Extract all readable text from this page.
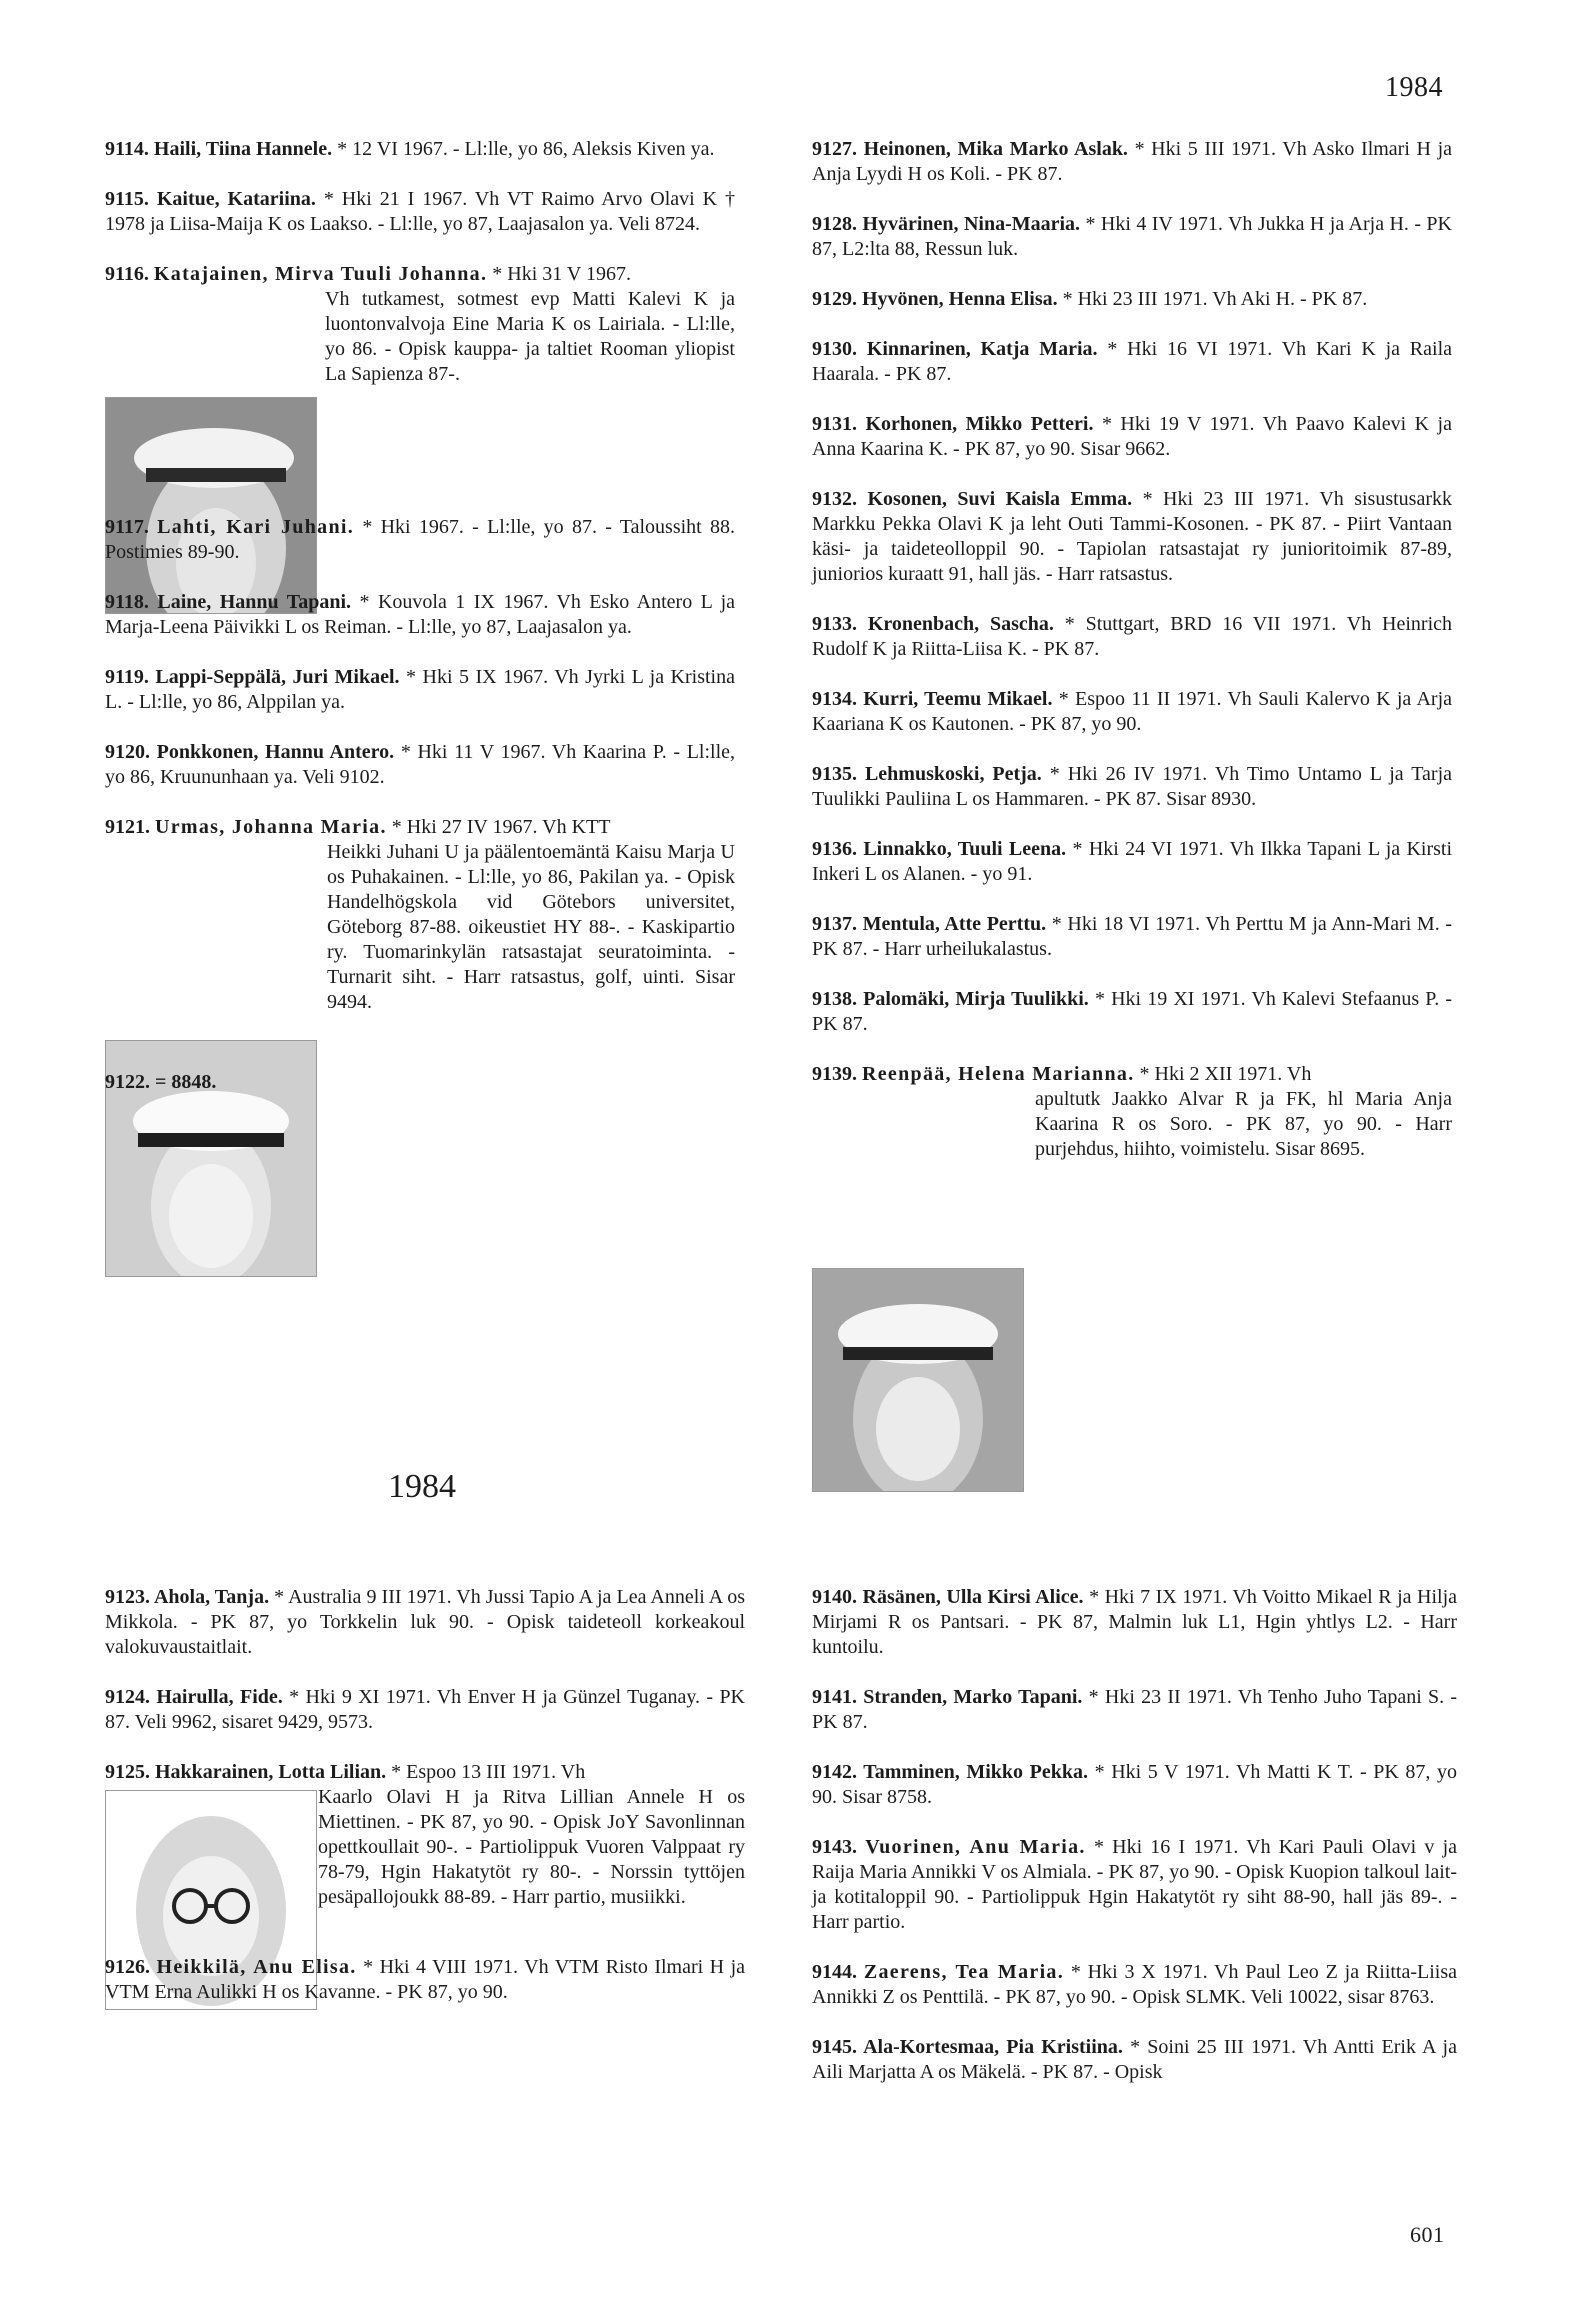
1984
1984
601

9114. Haili, Tiina Hannele. * 12 VI 1967. - Ll:lle, yo 86, Aleksis Kiven ya.

9115. Kaitue, Katariina. * Hki 21 I 1967. Vh VT Raimo Arvo Olavi K † 1978 ja Liisa-Maija K os Laakso. - Ll:lle, yo 87, Laajasalon ya. Veli 8724.

9116. Katajainen, Mirva Tuuli Johanna. * Hki 31 V 1967.

Vh tutkamest, sotmest evp Matti Kalevi K ja luontonvalvoja Eine Maria K os Lairiala. - Ll:lle, yo 86. - Opisk kauppa- ja taltiet Rooman yliopist La Sapienza 87-.

9117. Lahti, Kari Juhani. * Hki 1967. - Ll:lle, yo 87. - Taloussiht 88. Postimies 89-90.

9118. Laine, Hannu Tapani. * Kouvola 1 IX 1967. Vh Esko Antero L ja Marja-Leena Päivikki L os Reiman. - Ll:lle, yo 87, Laajasalon ya.

9119. Lappi-Seppälä, Juri Mikael. * Hki 5 IX 1967. Vh Jyrki L ja Kristina L. - Ll:lle, yo 86, Alppilan ya.

9120. Ponkkonen, Hannu Antero. * Hki 11 V 1967. Vh Kaarina P. - Ll:lle, yo 86, Kruununhaan ya. Veli 9102.

9121. Urmas, Johanna Maria. * Hki 27 IV 1967. Vh KTT

Heikki Juhani U ja päälentoemäntä Kaisu Marja U os Puhakainen. - Ll:lle, yo 86, Pakilan ya. - Opisk Handelhögskola vid Götebors universitet, Göteborg 87-88. oikeustiet HY 88-. - Kaskipartio ry. Tuomarinkylän ratsastajat seuratoiminta. - Turnarit siht. - Harr ratsastus, golf, uinti. Sisar 9494.

9122. = 8848.

9127. Heinonen, Mika Marko Aslak. * Hki 5 III 1971. Vh Asko Ilmari H ja Anja Lyydi H os Koli. - PK 87.

9128. Hyvärinen, Nina-Maaria. * Hki 4 IV 1971. Vh Jukka H ja Arja H. - PK 87, L2:lta 88, Ressun luk.

9129. Hyvönen, Henna Elisa. * Hki 23 III 1971. Vh Aki H. - PK 87.

9130. Kinnarinen, Katja Maria. * Hki 16 VI 1971. Vh Kari K ja Raila Haarala. - PK 87.

9131. Korhonen, Mikko Petteri. * Hki 19 V 1971. Vh Paavo Kalevi K ja Anna Kaarina K. - PK 87, yo 90. Sisar 9662.

9132. Kosonen, Suvi Kaisla Emma. * Hki 23 III 1971. Vh sisustusarkk Markku Pekka Olavi K ja leht Outi Tammi-Kosonen. - PK 87. - Piirt Vantaan käsi- ja taideteolloppil 90. - Tapiolan ratsastajat ry junioritoimik 87-89, juniorios kuraatt 91, hall jäs. - Harr ratsastus.

9133. Kronenbach, Sascha. * Stuttgart, BRD 16 VII 1971. Vh Heinrich Rudolf K ja Riitta-Liisa K. - PK 87.

9134. Kurri, Teemu Mikael. * Espoo 11 II 1971. Vh Sauli Kalervo K ja Arja Kaariana K os Kautonen. - PK 87, yo 90.

9135. Lehmuskoski, Petja. * Hki 26 IV 1971. Vh Timo Untamo L ja Tarja Tuulikki Pauliina L os Hammaren. - PK 87. Sisar 8930.

9136. Linnakko, Tuuli Leena. * Hki 24 VI 1971. Vh Ilkka Tapani L ja Kirsti Inkeri L os Alanen. - yo 91.

9137. Mentula, Atte Perttu. * Hki 18 VI 1971. Vh Perttu M ja Ann-Mari M. - PK 87. - Harr urheilukalastus.

9138. Palomäki, Mirja Tuulikki. * Hki 19 XI 1971. Vh Kalevi Stefaanus P. - PK 87.

9139. Reenpää, Helena Marianna. * Hki 2 XII 1971. Vh

apultutk Jaakko Alvar R ja FK, hl Maria Anja Kaarina R os Soro. - PK 87, yo 90. - Harr purjehdus, hiihto, voimistelu. Sisar 8695.

9123. Ahola, Tanja. * Australia 9 III 1971. Vh Jussi Tapio A ja Lea Anneli A os Mikkola. - PK 87, yo Torkkelin luk 90. - Opisk taideteoll korkeakoul valokuvaustaitlait.

9124. Hairulla, Fide. * Hki 9 XI 1971. Vh Enver H ja Günzel Tuganay. - PK 87. Veli 9962, sisaret 9429, 9573.

9125. Hakkarainen, Lotta Lilian. * Espoo 13 III 1971. Vh

Kaarlo Olavi H ja Ritva Lillian Annele H os Miettinen. - PK 87, yo 90. - Opisk JoY Savonlinnan opettkoullait 90-. - Partiolippuk Vuoren Valppaat ry 78-79, Hgin Hakatytöt ry 80-. - Norssin tyttöjen pesäpallojoukk 88-89. - Harr partio, musiikki.

9126. Heikkilä, Anu Elisa. * Hki 4 VIII 1971. Vh VTM Risto Ilmari H ja VTM Erna Aulikki H os Kavanne. - PK 87, yo 90.

9140. Räsänen, Ulla Kirsi Alice. * Hki 7 IX 1971. Vh Voitto Mikael R ja Hilja Mirjami R os Pantsari. - PK 87, Malmin luk L1, Hgin yhtlys L2. - Harr kuntoilu.

9141. Stranden, Marko Tapani. * Hki 23 II 1971. Vh Tenho Juho Tapani S. - PK 87.

9142. Tamminen, Mikko Pekka. * Hki 5 V 1971. Vh Matti K T. - PK 87, yo 90. Sisar 8758.

9143. Vuorinen, Anu Maria. * Hki 16 I 1971. Vh Kari Pauli Olavi v ja Raija Maria Annikki V os Almiala. - PK 87, yo 90. - Opisk Kuopion talkoul lait- ja kotitaloppil 90. - Partiolippuk Hgin Hakatytöt ry siht 88-90, hall jäs 89-. - Harr partio.

9144. Zaerens, Tea Maria. * Hki 3 X 1971. Vh Paul Leo Z ja Riitta-Liisa Annikki Z os Penttilä. - PK 87, yo 90. - Opisk SLMK. Veli 10022, sisar 8763.

9145. Ala-Kortesmaa, Pia Kristiina. * Soini 25 III 1971. Vh Antti Erik A ja Aili Marjatta A os Mäkelä. - PK 87. - Opisk
